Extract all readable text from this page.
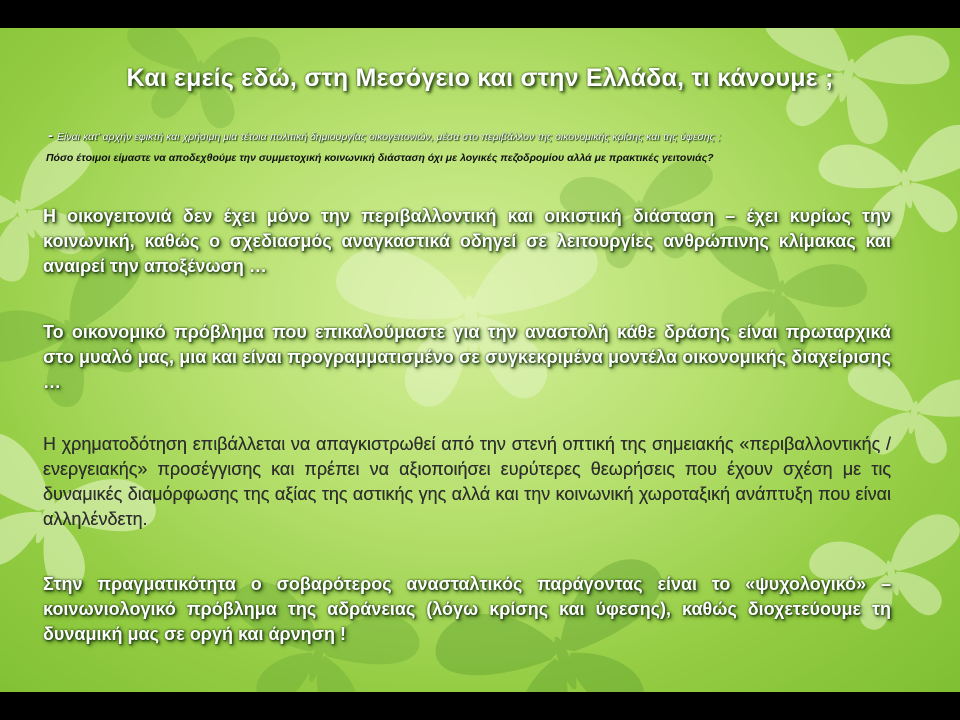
Και εμείς εδώ, στη Μεσόγειο και στην Ελλάδα, τι κάνουμε ;
- Είναι κατ’ αρχήν εφικτή και χρήσιμη μια τέτοια πολιτική δημιουργίας οικογειτονιών, μέσα στο περιβάλλον της οικονομικής κρίσης και της ύφεσης ;
Πόσο έτοιμοι είμαστε να αποδεχθούμε την συμμετοχική κοινωνική διάσταση όχι με λογικές πεζοδρομίου αλλά με πρακτικές γειτονιάς?
Η οικογειτονιά δεν έχει μόνο την περιβαλλοντική και οικιστική διάσταση – έχει κυρίως την κοινωνική, καθώς ο σχεδιασμός αναγκαστικά οδηγεί σε λειτουργίες ανθρώπινης κλίμακας και αναιρεί την αποξένωση …
Το οικονομικό πρόβλημα που επικαλούμαστε για την αναστολή κάθε δράσης είναι πρωταρχικά στο μυαλό μας, μια και είναι προγραμματισμένο σε συγκεκριμένα μοντέλα οικονομικής διαχείρισης …
Η χρηματοδότηση επιβάλλεται να απαγκιστρωθεί από την στενή οπτική της σημειακής «περιβαλλοντικής / ενεργειακής» προσέγγισης και πρέπει να αξιοποιήσει ευρύτερες θεωρήσεις που έχουν σχέση με τις δυναμικές διαμόρφωσης της αξίας της αστικής γης αλλά και την κοινωνική χωροταξική ανάπτυξη που είναι αλληλένδετη.
Στην πραγματικότητα ο σοβαρότερος ανασταλτικός παράγοντας είναι το «ψυχολογικό» – κοινωνιολογικό πρόβλημα της αδράνειας (λόγω κρίσης και ύφεσης), καθώς διοχετεύουμε τη δυναμική μας σε οργή και άρνηση !
